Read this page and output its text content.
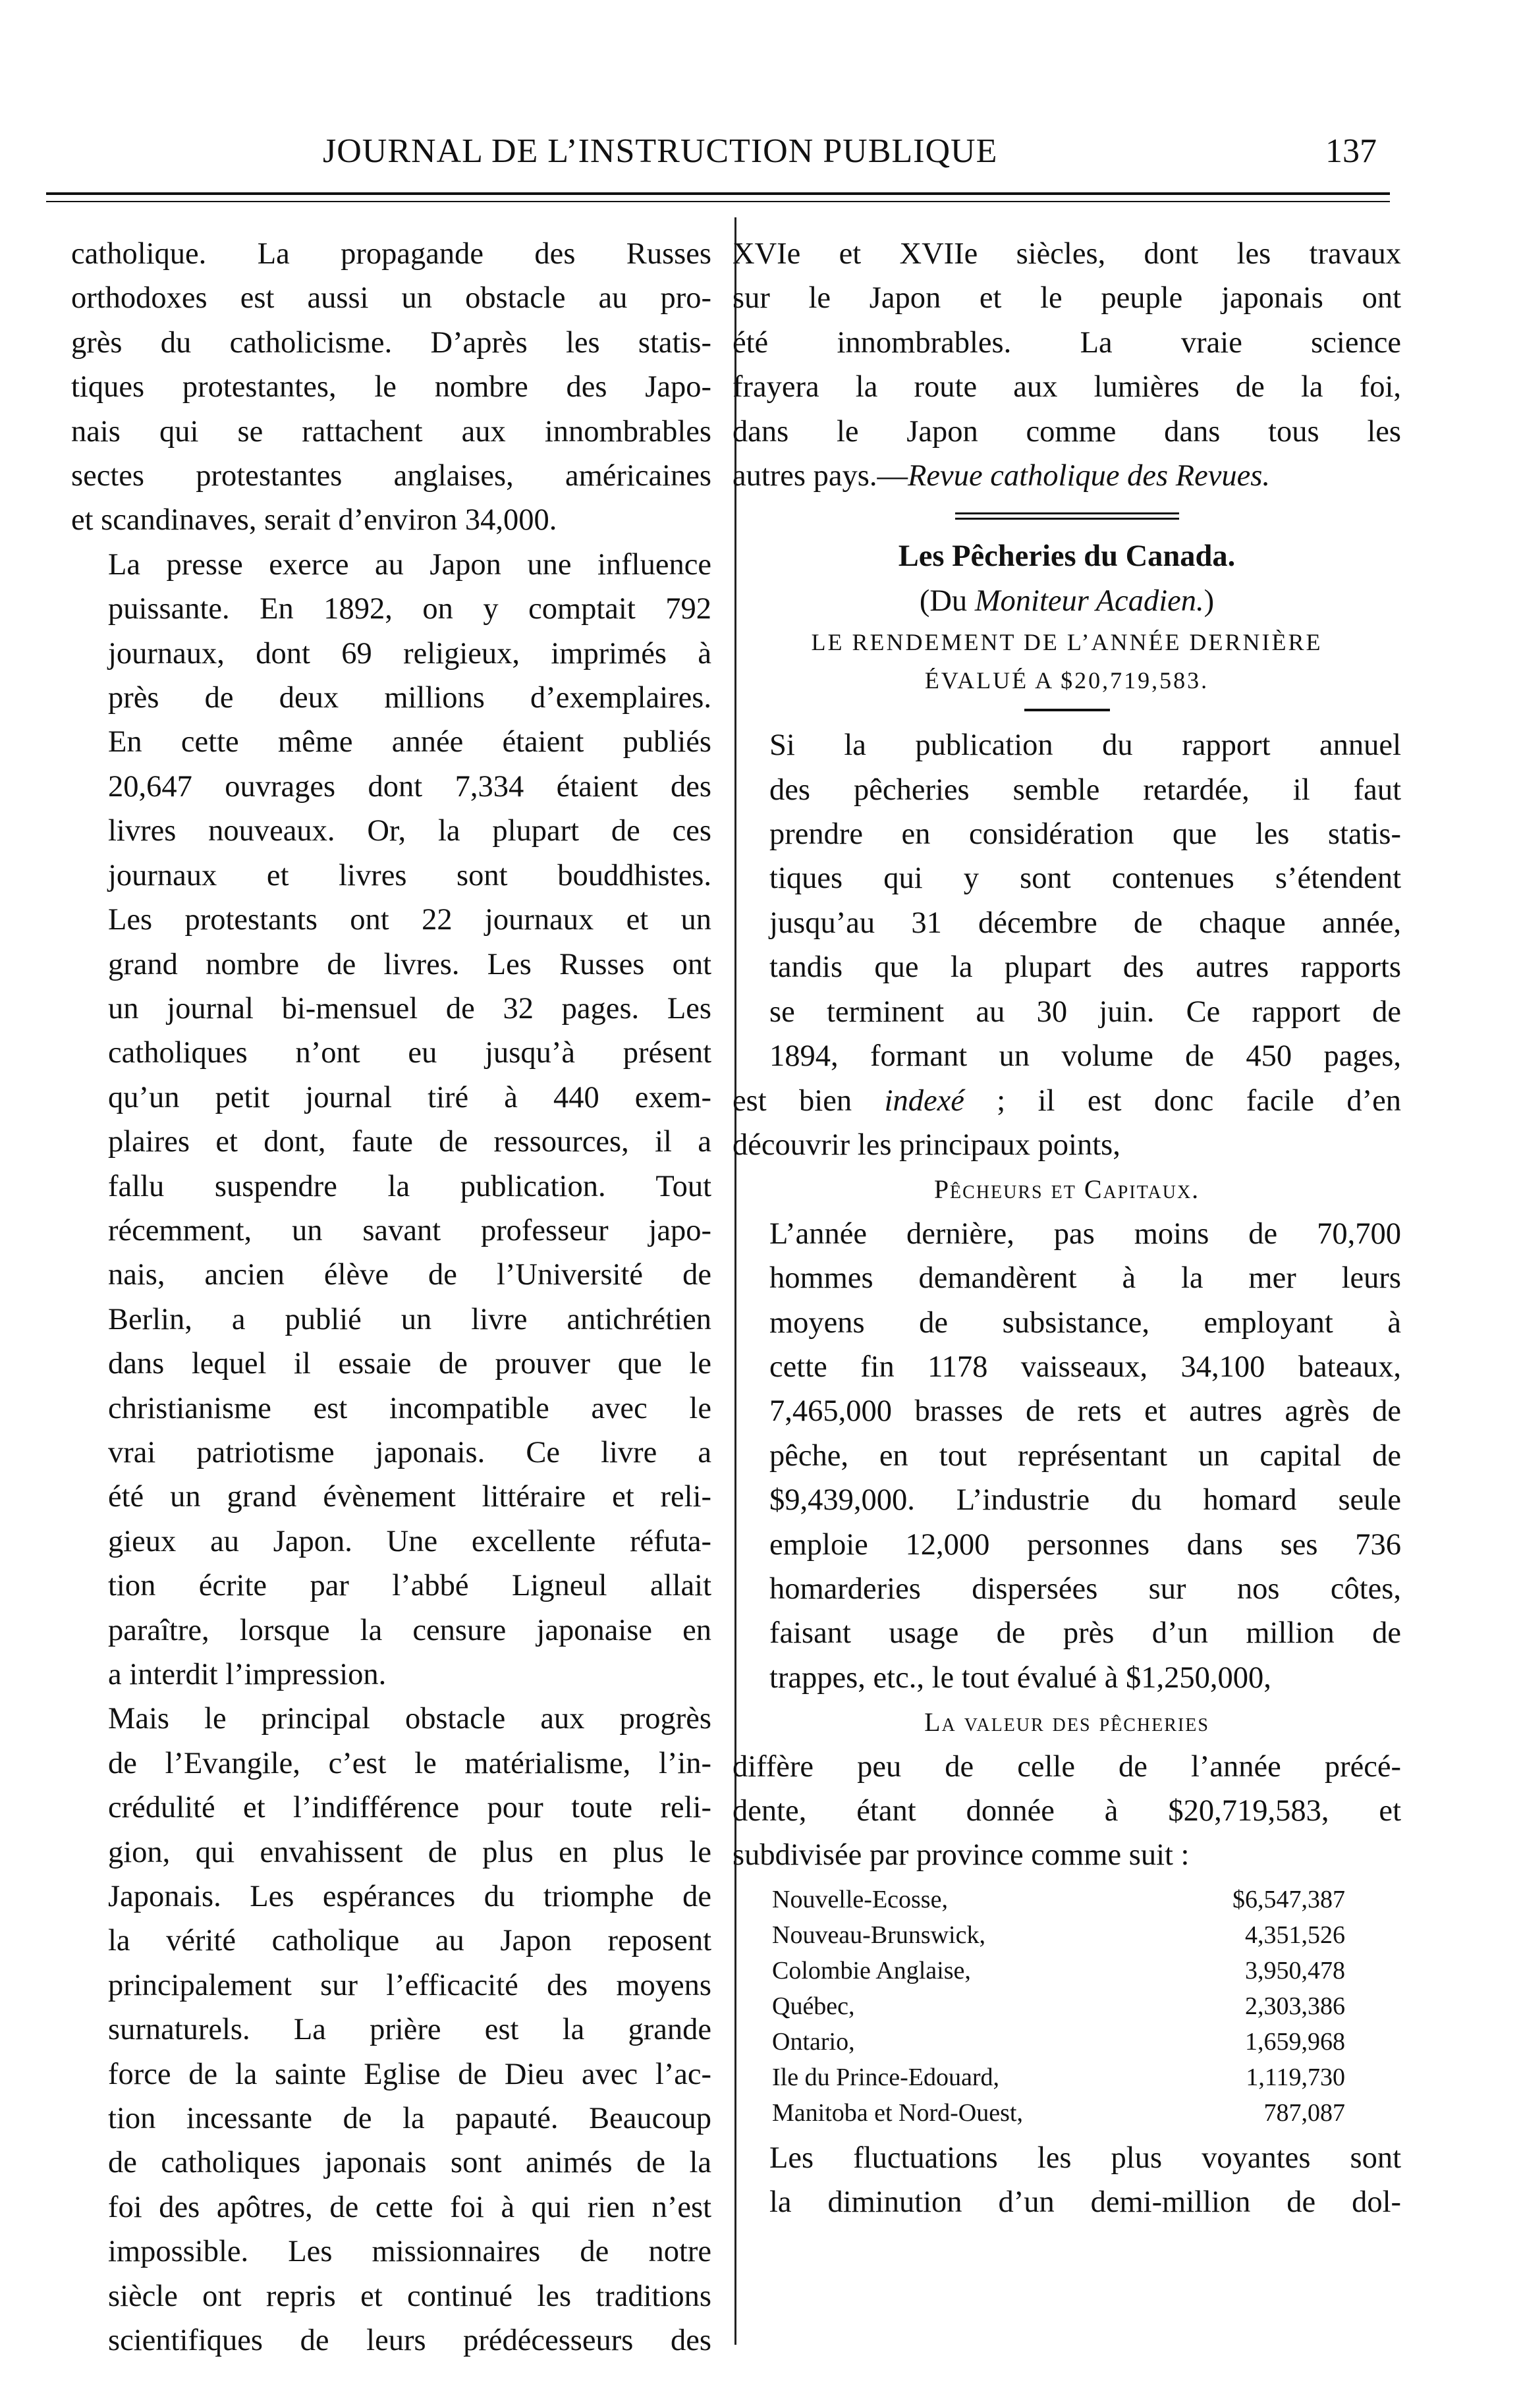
JOURNAL DE L’INSTRUCTION PUBLIQUE	137

catholique. La propagande des Russes
orthodoxes est aussi un obstacle au pro-
grès du catholicisme. D’après les statis-
tiques protestantes, le nombre des Japo-
nais qui se rattachent aux innombrables
sectes protestantes anglaises, américaines
et scandinaves, serait d’environ 34,000.

La presse exerce au Japon une influence
puissante. En 1892, on y comptait 792
journaux, dont 69 religieux, imprimés à
près de deux millions d’exemplaires.
En cette même année étaient publiés
20,647 ouvrages dont 7,334 étaient des
livres nouveaux. Or, la plupart de ces
journaux et livres sont bouddhistes.
Les protestants ont 22 journaux et un
grand nombre de livres. Les Russes ont
un journal bi-mensuel de 32 pages. Les
catholiques n’ont eu jusqu’à présent
qu’un petit journal tiré à 440 exem-
plaires et dont, faute de ressources, il a
fallu suspendre la publication. Tout
récemment, un savant professeur japo-
nais, ancien élève de l’Université de
Berlin, a publié un livre antichrétien
dans lequel il essaie de prouver que le
christianisme est incompatible avec le
vrai patriotisme japonais. Ce livre a
été un grand évènement littéraire et reli-
gieux au Japon. Une excellente réfuta-
tion écrite par l’abbé Ligneul allait
paraître, lorsque la censure japonaise en
a interdit l’impression.

Mais le principal obstacle aux progrès
de l’Evangile, c’est le matérialisme, l’in-
crédulité et l’indifférence pour toute reli-
gion, qui envahissent de plus en plus le
Japonais. Les espérances du triomphe de
la vérité catholique au Japon reposent
principalement sur l’efficacité des moyens
surnaturels. La prière est la grande
force de la sainte Eglise de Dieu avec l’ac-
tion incessante de la papauté. Beaucoup
de catholiques japonais sont animés de la
foi des apôtres, de cette foi à qui rien n’est
impossible. Les missionnaires de notre
siècle ont repris et continué les traditions
scientifiques de leurs prédécesseurs des

XVIe et XVIIe siècles, dont les travaux
sur le Japon et le peuple japonais ont
été innombrables. La vraie science
frayera la route aux lumières de la foi,
dans le Japon comme dans tous les

autres pays.—Revue catholique des Revues.

Les Pêcheries du Canada.

(Du Moniteur Acadien.)

LE RENDEMENT DE L’ANNÉE DERNIÈRE

ÉVALUÉ A $20,719,583.

Si la publication du rapport annuel
des pêcheries semble retardée, il faut
prendre en considération que les statis-
tiques qui y sont contenues s’étendent
jusqu’au 31 décembre de chaque année,
tandis que la plupart des autres rapports
se terminent au 30 juin. Ce rapport de
1894, formant un volume de 450 pages,

est bien indexé ; il est donc facile d’en

découvrir les principaux points,

Pêcheurs et Capitaux.

L’année dernière, pas moins de 70,700
hommes demandèrent à la mer leurs
moyens de subsistance, employant à
cette fin 1178 vaisseaux, 34,100 bateaux,
7,465,000 brasses de rets et autres agrès de
pêche, en tout représentant un capital de
$9,439,000. L’industrie du homard seule
emploie 12,000 personnes dans ses 736
homarderies dispersées sur nos côtes,
faisant usage de près d’un million de
trappes, etc., le tout évalué à $1,250,000,

La valeur des pêcheries

diffère peu de celle de l’année précé-
dente, étant donnée à $20,719,583, et
subdivisée par province comme suit :

Nouvelle-Ecosse,	$6,547,387
Nouveau-Brunswick,	4,351,526
Colombie Anglaise,	3,950,478
Québec,	2,303,386
Ontario,	1,659,968
Ile du Prince-Edouard,	1,119,730
Manitoba et Nord-Ouest,	787,087

Les fluctuations les plus voyantes sont
la diminution d’un demi-million de dol-
